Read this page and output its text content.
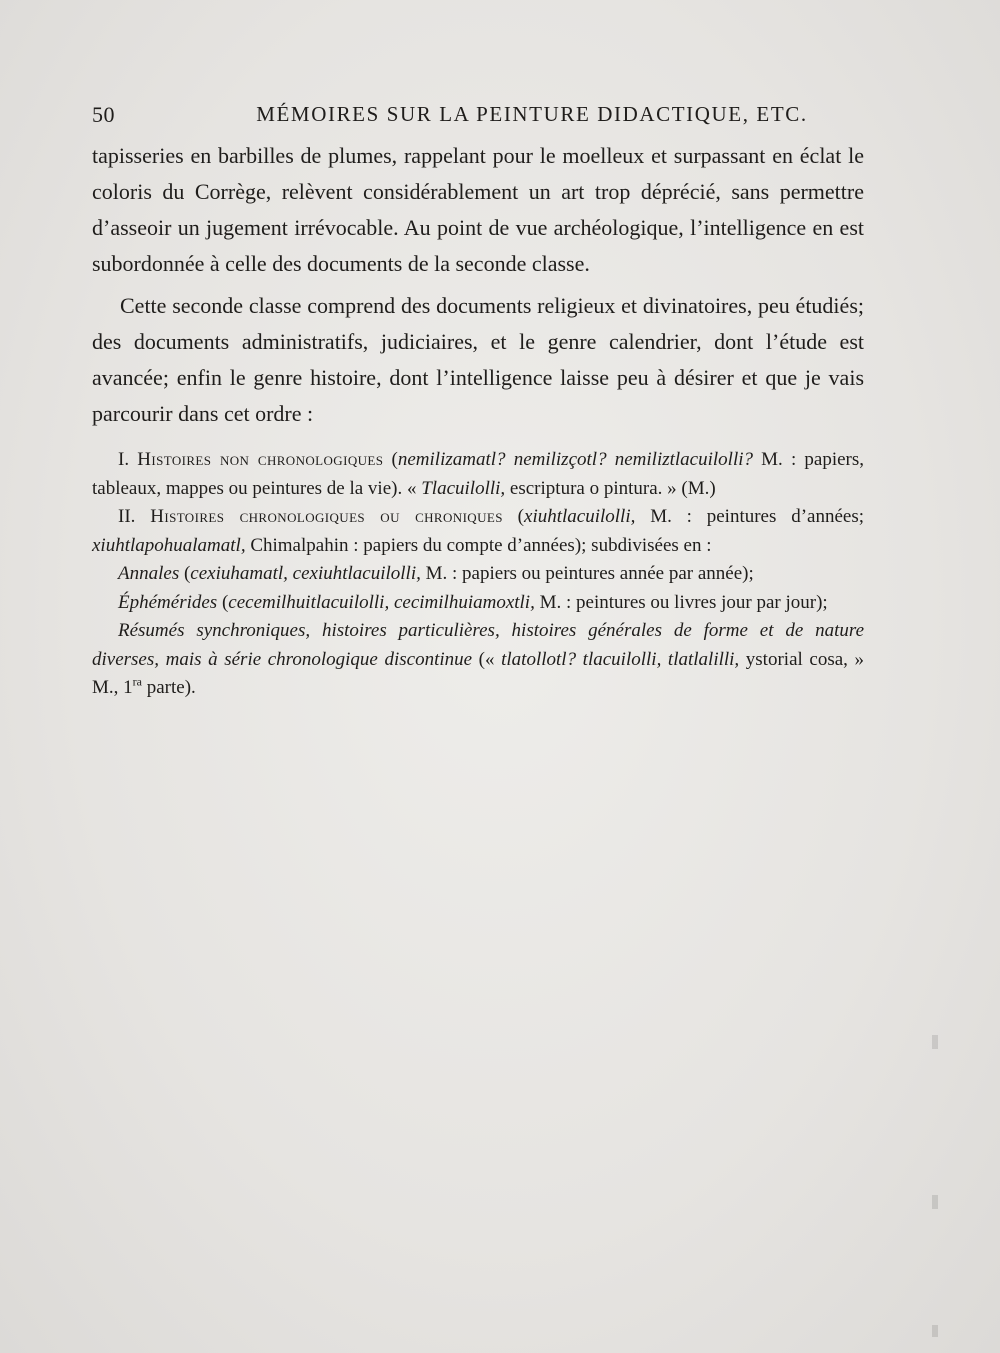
50	MÉMOIRES SUR LA PEINTURE DIDACTIQUE, ETC.

tapisseries en barbilles de plumes, rappelant pour le moelleux et surpassant en éclat le coloris du Corrège, relèvent considérablement un art trop déprécié, sans permettre d’asseoir un jugement irrévocable. Au point de vue archéologique, l’intelligence en est subordonnée à celle des documents de la seconde classe.

Cette seconde classe comprend des documents religieux et divinatoires, peu étudiés; des documents administratifs, judiciaires, et le genre calendrier, dont l’étude est avancée; enfin le genre histoire, dont l’intelligence laisse peu à désirer et que je vais parcourir dans cet ordre :

I. Histoires non chronologiques (nemilizamatl? nemilizçotl? nemiliztlacuilolli? M. : papiers, tableaux, mappes ou peintures de la vie). « Tlacuilolli, escriptura o pintura. » (M.)

II. Histoires chronologiques ou chroniques (xiuhtlacuilolli, M. : peintures d’années; xiuhtlapohualamatl, Chimalpahin : papiers du compte d’années); subdivisées en :

Annales (cexiuhamatl, cexiuhtlacuilolli, M. : papiers ou peintures année par année);

Éphémérides (cecemilhuitlacuilolli, cecimilhuiamoxtli, M. : peintures ou livres jour par jour);

Résumés synchroniques, histoires particulières, histoires générales de forme et de nature diverses, mais à série chronologique discontinue (« tlatollotl? tlacuilolli, tlatlalilli, ystorial cosa, » M., $1^{ra}$ parte).
